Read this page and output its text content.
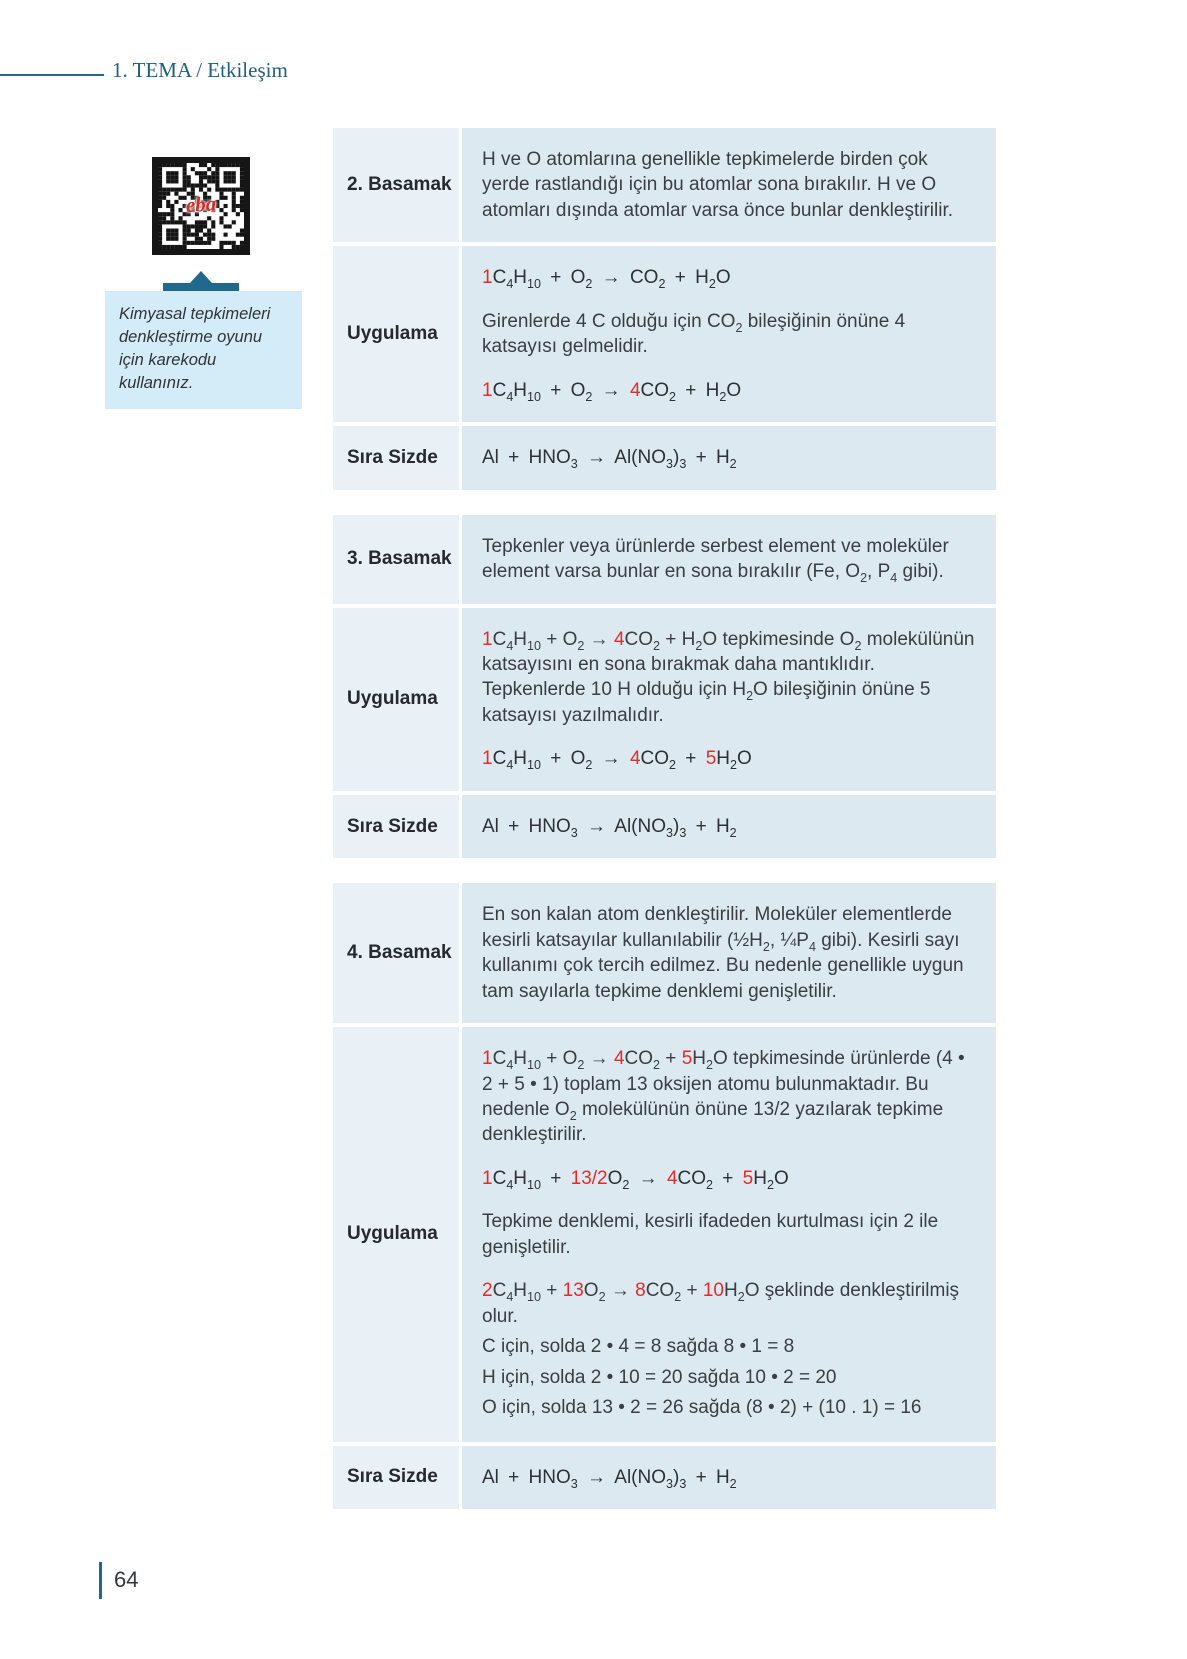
1. TEMA / Etkileşim
eba
Kimyasal tepkimeleri denkleştirme oyunu için karekodu kullanınız.
2. Basamak

H ve O atomlarına genellikle tepkimelerde birden çok yerde rastlandığı için bu atomlar sona bırakılır. H ve O atomları dışında atomlar varsa önce bunlar denkleştirilir.

Uygulama

$1C_4H_{10} + O_2 \to CO_2 + H_2O$

Girenlerde 4 C olduğu için $CO_2$ bileşiğinin önüne 4 katsayısı gelmelidir.

$1C_4H_{10} + O_2 \to 4CO_2 + H_2O$

Sıra Sizde $Al + HNO_3 \to Al(NO_3)_3 + H_2$

3. Basamak

Tepkenler veya ürünlerde serbest element ve moleküler element varsa bunlar en sona bırakılır (Fe, $O_2$, $P_4$ gibi).

Uygulama

$1C_4H_{10} + O_2 \to 4CO_2 + H_2O$ tepkimesinde $O_2$ molekülünün katsayısını en sona bırakmak daha mantıklıdır. Tepkenlerde 10 H olduğu için $H_2O$ bileşiğinin önüne 5 katsayısı yazılmalıdır.

$1C_4H_{10} + O_2 \to 4CO_2 + 5H_2O$

Sıra Sizde $Al + HNO_3 \to Al(NO_3)_3 + H_2$

4. Basamak

En son kalan atom denkleştirilir. Moleküler elementlerde kesirli katsayılar kullanılabilir ($\frac{1}{2}H_2$, $\frac{1}{4}P_4$ gibi). Kesirli sayı kullanımı çok tercih edilmez. Bu nedenle genellikle uygun tam sayılarla tepkime denklemi genişletilir.

Uygulama

$1C_4H_{10} + O_2 \to 4CO_2 + 5H_2O$ tepkimesinde ürünlerde (4 • 2 + 5 • 1) toplam 13 oksijen atomu bulunmaktadır. Bu nedenle $O_2$ molekülünün önüne 13/2 yazılarak tepkime denkleştirilir.

$1C_4H_{10} + 13/2O_2 \to 4CO_2 + 5H_2O$

Tepkime denklemi, kesirli ifadeden kurtulması için 2 ile genişletilir.

$2C_4H_{10} + 13O_2 \to 8CO_2 + 10H_2O$ şeklinde denkleştirilmiş olur.

C için, solda 2 • 4 = 8 sağda 8 • 1 = 8

H için, solda 2 • 10 = 20 sağda 10 • 2 = 20

O için, solda 13 • 2 = 26 sağda (8 • 2) + (10 . 1) = 16

Sıra Sizde $Al + HNO_3 \to Al(NO_3)_3 + H_2$

64
